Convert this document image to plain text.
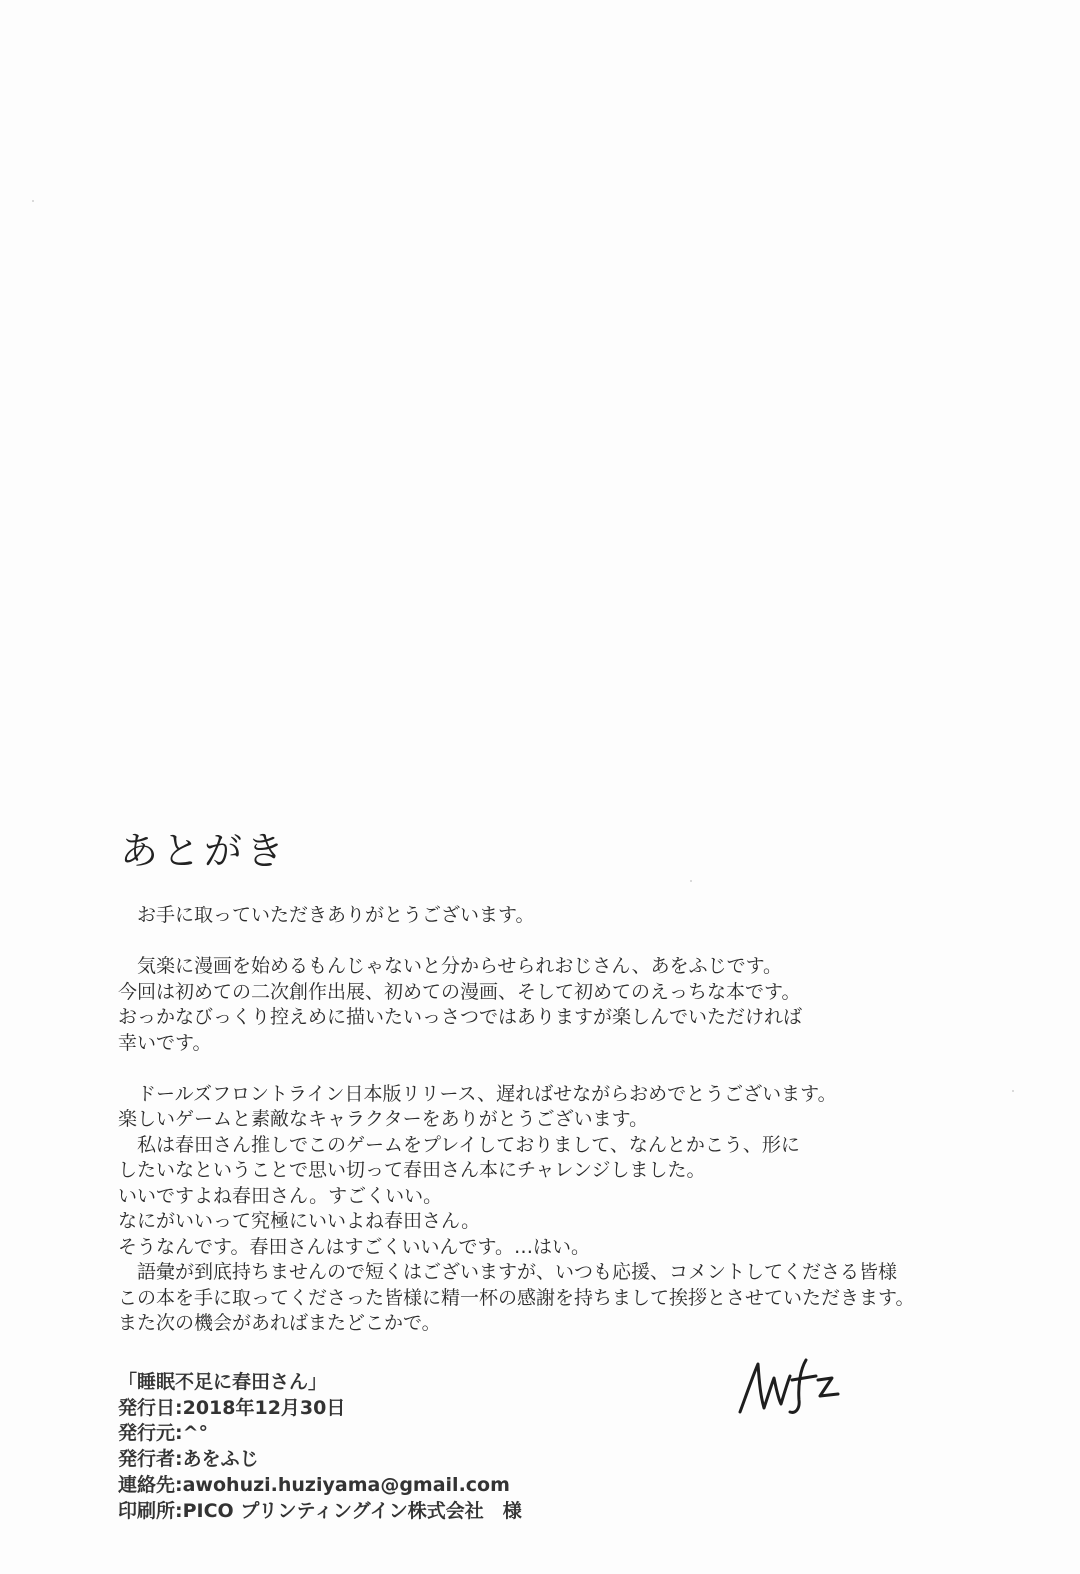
あとがき

　お手に取っていただきありがとうございます。

　気楽に漫画を始めるもんじゃないと分からせられおじさん、あをふじです。

今回は初めての二次創作出展、初めての漫画、そして初めてのえっちな本です。

おっかなびっくり控えめに描いたいっさつではありますが楽しんでいただければ

幸いです。

　ドールズフロントライン日本版リリース、遅ればせながらおめでとうございます。

楽しいゲームと素敵なキャラクターをありがとうございます。

　私は春田さん推しでこのゲームをプレイしておりまして、なんとかこう、形に

したいなということで思い切って春田さん本にチャレンジしました。

いいですよね春田さん。すごくいい。

なにがいいって究極にいいよね春田さん。

そうなんです。春田さんはすごくいいんです。…はい。

　語彙が到底持ちませんので短くはございますが、いつも応援、コメントしてくださる皆様

この本を手に取ってくださった皆様に精一杯の感謝を持ちまして挨拶とさせていただきます。

また次の機会があればまたどこかで。

「睡眠不足に春田さん」
発行日:2018年12月30日
発行元:^°
発行者:あをふじ
連絡先:awohuzi.huziyama@gmail.com
印刷所:PICO プリンティングイン株式会社　様
